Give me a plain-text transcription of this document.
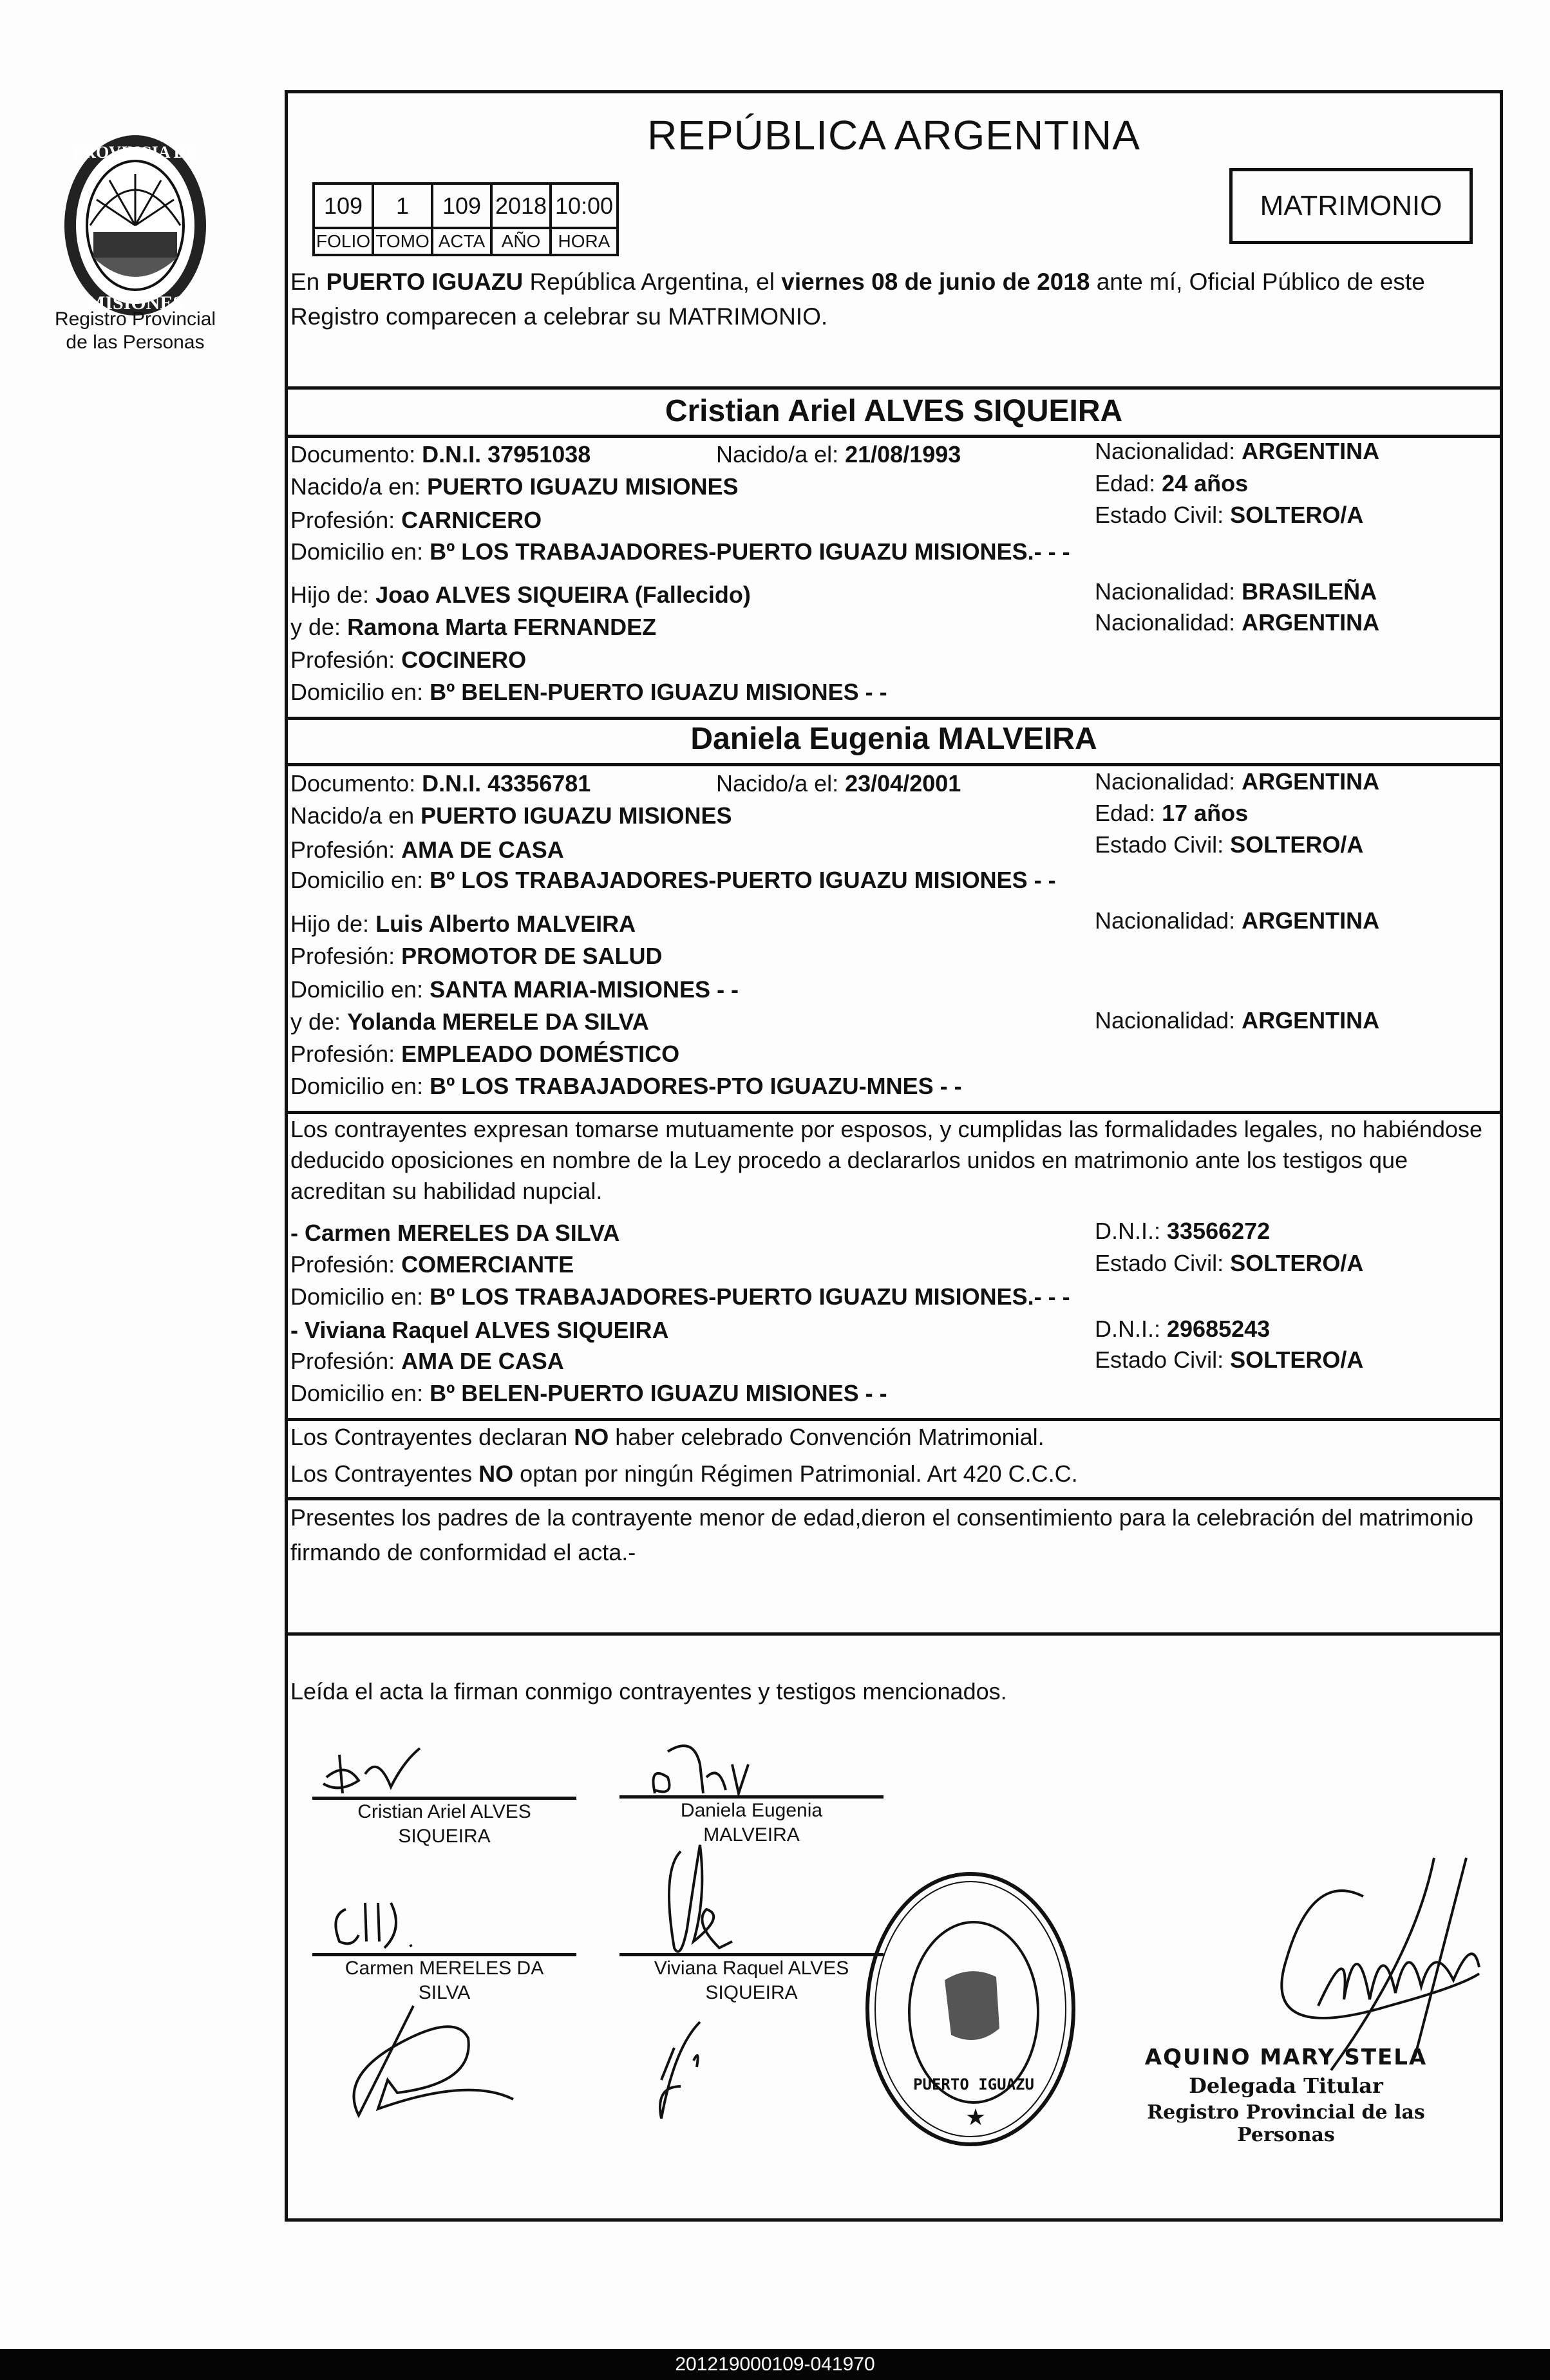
PROVINCIA DE
MISIONES
Registro Provincial
de las Personas
REPÚBLICA ARGENTINA
109	1	109	2018	10:00
FOLIO	TOMO	ACTA	AÑO	HORA
MATRIMONIO
En PUERTO IGUAZU República Argentina, el viernes 08 de junio de 2018 ante mí, Oficial Público de este Registro comparecen a celebrar su MATRIMONIO.
Cristian Ariel ALVES SIQUEIRA
Documento: D.N.I. 37951038	Nacido/a el: 21/08/1993	Nacionalidad: ARGENTINA
Nacido/a en: PUERTO IGUAZU MISIONES	Edad: 24 años
Profesión: CARNICERO	Estado Civil: SOLTERO/A
Domicilio en: Bº LOS TRABAJADORES-PUERTO IGUAZU MISIONES.- - -
Hijo de: Joao ALVES SIQUEIRA (Fallecido)	Nacionalidad: BRASILEÑA
y de: Ramona Marta FERNANDEZ	Nacionalidad: ARGENTINA
Profesión: COCINERO
Domicilio en: Bº BELEN-PUERTO IGUAZU MISIONES - -
Daniela Eugenia MALVEIRA
Documento: D.N.I. 43356781	Nacido/a el: 23/04/2001	Nacionalidad: ARGENTINA
Nacido/a en PUERTO IGUAZU MISIONES	Edad: 17 años
Profesión: AMA DE CASA	Estado Civil: SOLTERO/A
Domicilio en: Bº LOS TRABAJADORES-PUERTO IGUAZU MISIONES - -
Hijo de: Luis Alberto MALVEIRA	Nacionalidad: ARGENTINA
Profesión: PROMOTOR DE SALUD
Domicilio en: SANTA MARIA-MISIONES - -
y de: Yolanda MERELE DA SILVA	Nacionalidad: ARGENTINA
Profesión: EMPLEADO DOMÉSTICO
Domicilio en: Bº LOS TRABAJADORES-PTO IGUAZU-MNES - -
Los contrayentes expresan tomarse mutuamente por esposos, y cumplidas las formalidades legales, no habiéndose deducido oposiciones en nombre de la Ley procedo a declararlos unidos en matrimonio ante los testigos que acreditan su habilidad nupcial.
- Carmen MERELES DA SILVA	D.N.I.: 33566272
Profesión: COMERCIANTE	Estado Civil: SOLTERO/A
Domicilio en: Bº LOS TRABAJADORES-PUERTO IGUAZU MISIONES.- - -
- Viviana Raquel ALVES SIQUEIRA	D.N.I.: 29685243
Profesión: AMA DE CASA	Estado Civil: SOLTERO/A
Domicilio en: Bº BELEN-PUERTO IGUAZU MISIONES - -
Los Contrayentes declaran NO haber celebrado Convención Matrimonial.
Los Contrayentes NO optan por ningún Régimen Patrimonial. Art 420 C.C.C.
Presentes los padres de la contrayente menor de edad,dieron el consentimiento para la celebración del matrimonio firmando de conformidad el acta.-
Leída el acta la firman conmigo contrayentes y testigos mencionados.
Cristian Ariel ALVES
SIQUEIRA
Daniela Eugenia
MALVEIRA
Carmen MERELES DA
SILVA
Viviana Raquel ALVES
SIQUEIRA
PUERTO IGUAZU
★
AQUINO MARY STELA
Delegada Titular
Registro Provincial de las Personas
201219000109-041970
